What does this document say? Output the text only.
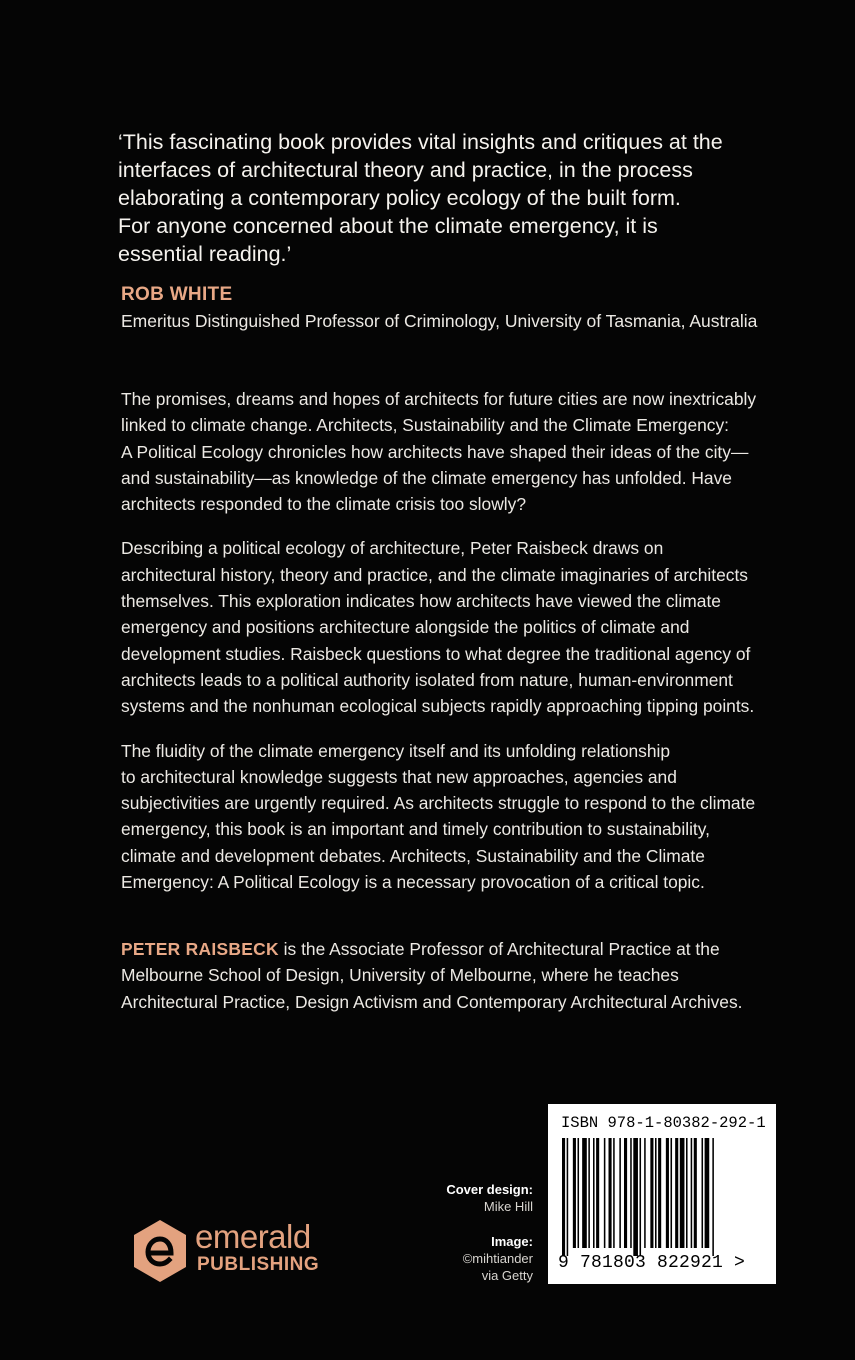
‘This fascinating book provides vital insights and critiques at the
interfaces of architectural theory and practice, in the process
elaborating a contemporary policy ecology of the built form.
For anyone concerned about the climate emergency, it is
essential reading.’
ROB WHITE
Emeritus Distinguished Professor of Criminology, University of Tasmania, Australia

The promises, dreams and hopes of architects for future cities are now inextricably
linked to climate change. Architects, Sustainability and the Climate Emergency:
A Political Ecology chronicles how architects have shaped their ideas of the city—
and sustainability—as knowledge of the climate emergency has unfolded. Have
architects responded to the climate crisis too slowly?

Describing a political ecology of architecture, Peter Raisbeck draws on
architectural history, theory and practice, and the climate imaginaries of architects
themselves. This exploration indicates how architects have viewed the climate
emergency and positions architecture alongside the politics of climate and
development studies. Raisbeck questions to what degree the traditional agency of
architects leads to a political authority isolated from nature, human-environment
systems and the nonhuman ecological subjects rapidly approaching tipping points.

The fluidity of the climate emergency itself and its unfolding relationship
to architectural knowledge suggests that new approaches, agencies and
subjectivities are urgently required. As architects struggle to respond to the climate
emergency, this book is an important and timely contribution to sustainability,
climate and development debates. Architects, Sustainability and the Climate
Emergency: A Political Ecology is a necessary provocation of a critical topic.

PETER RAISBECK is the Associate Professor of Architectural Practice at the
Melbourne School of Design, University of Melbourne, where he teaches
Architectural Practice, Design Activism and Contemporary Architectural Archives.
emerald
PUBLISHING
Cover design:
Mike Hill
Image:
©mihtiander
via Getty
ISBN 978-1-80382-292-1
9 781803 822921 >
